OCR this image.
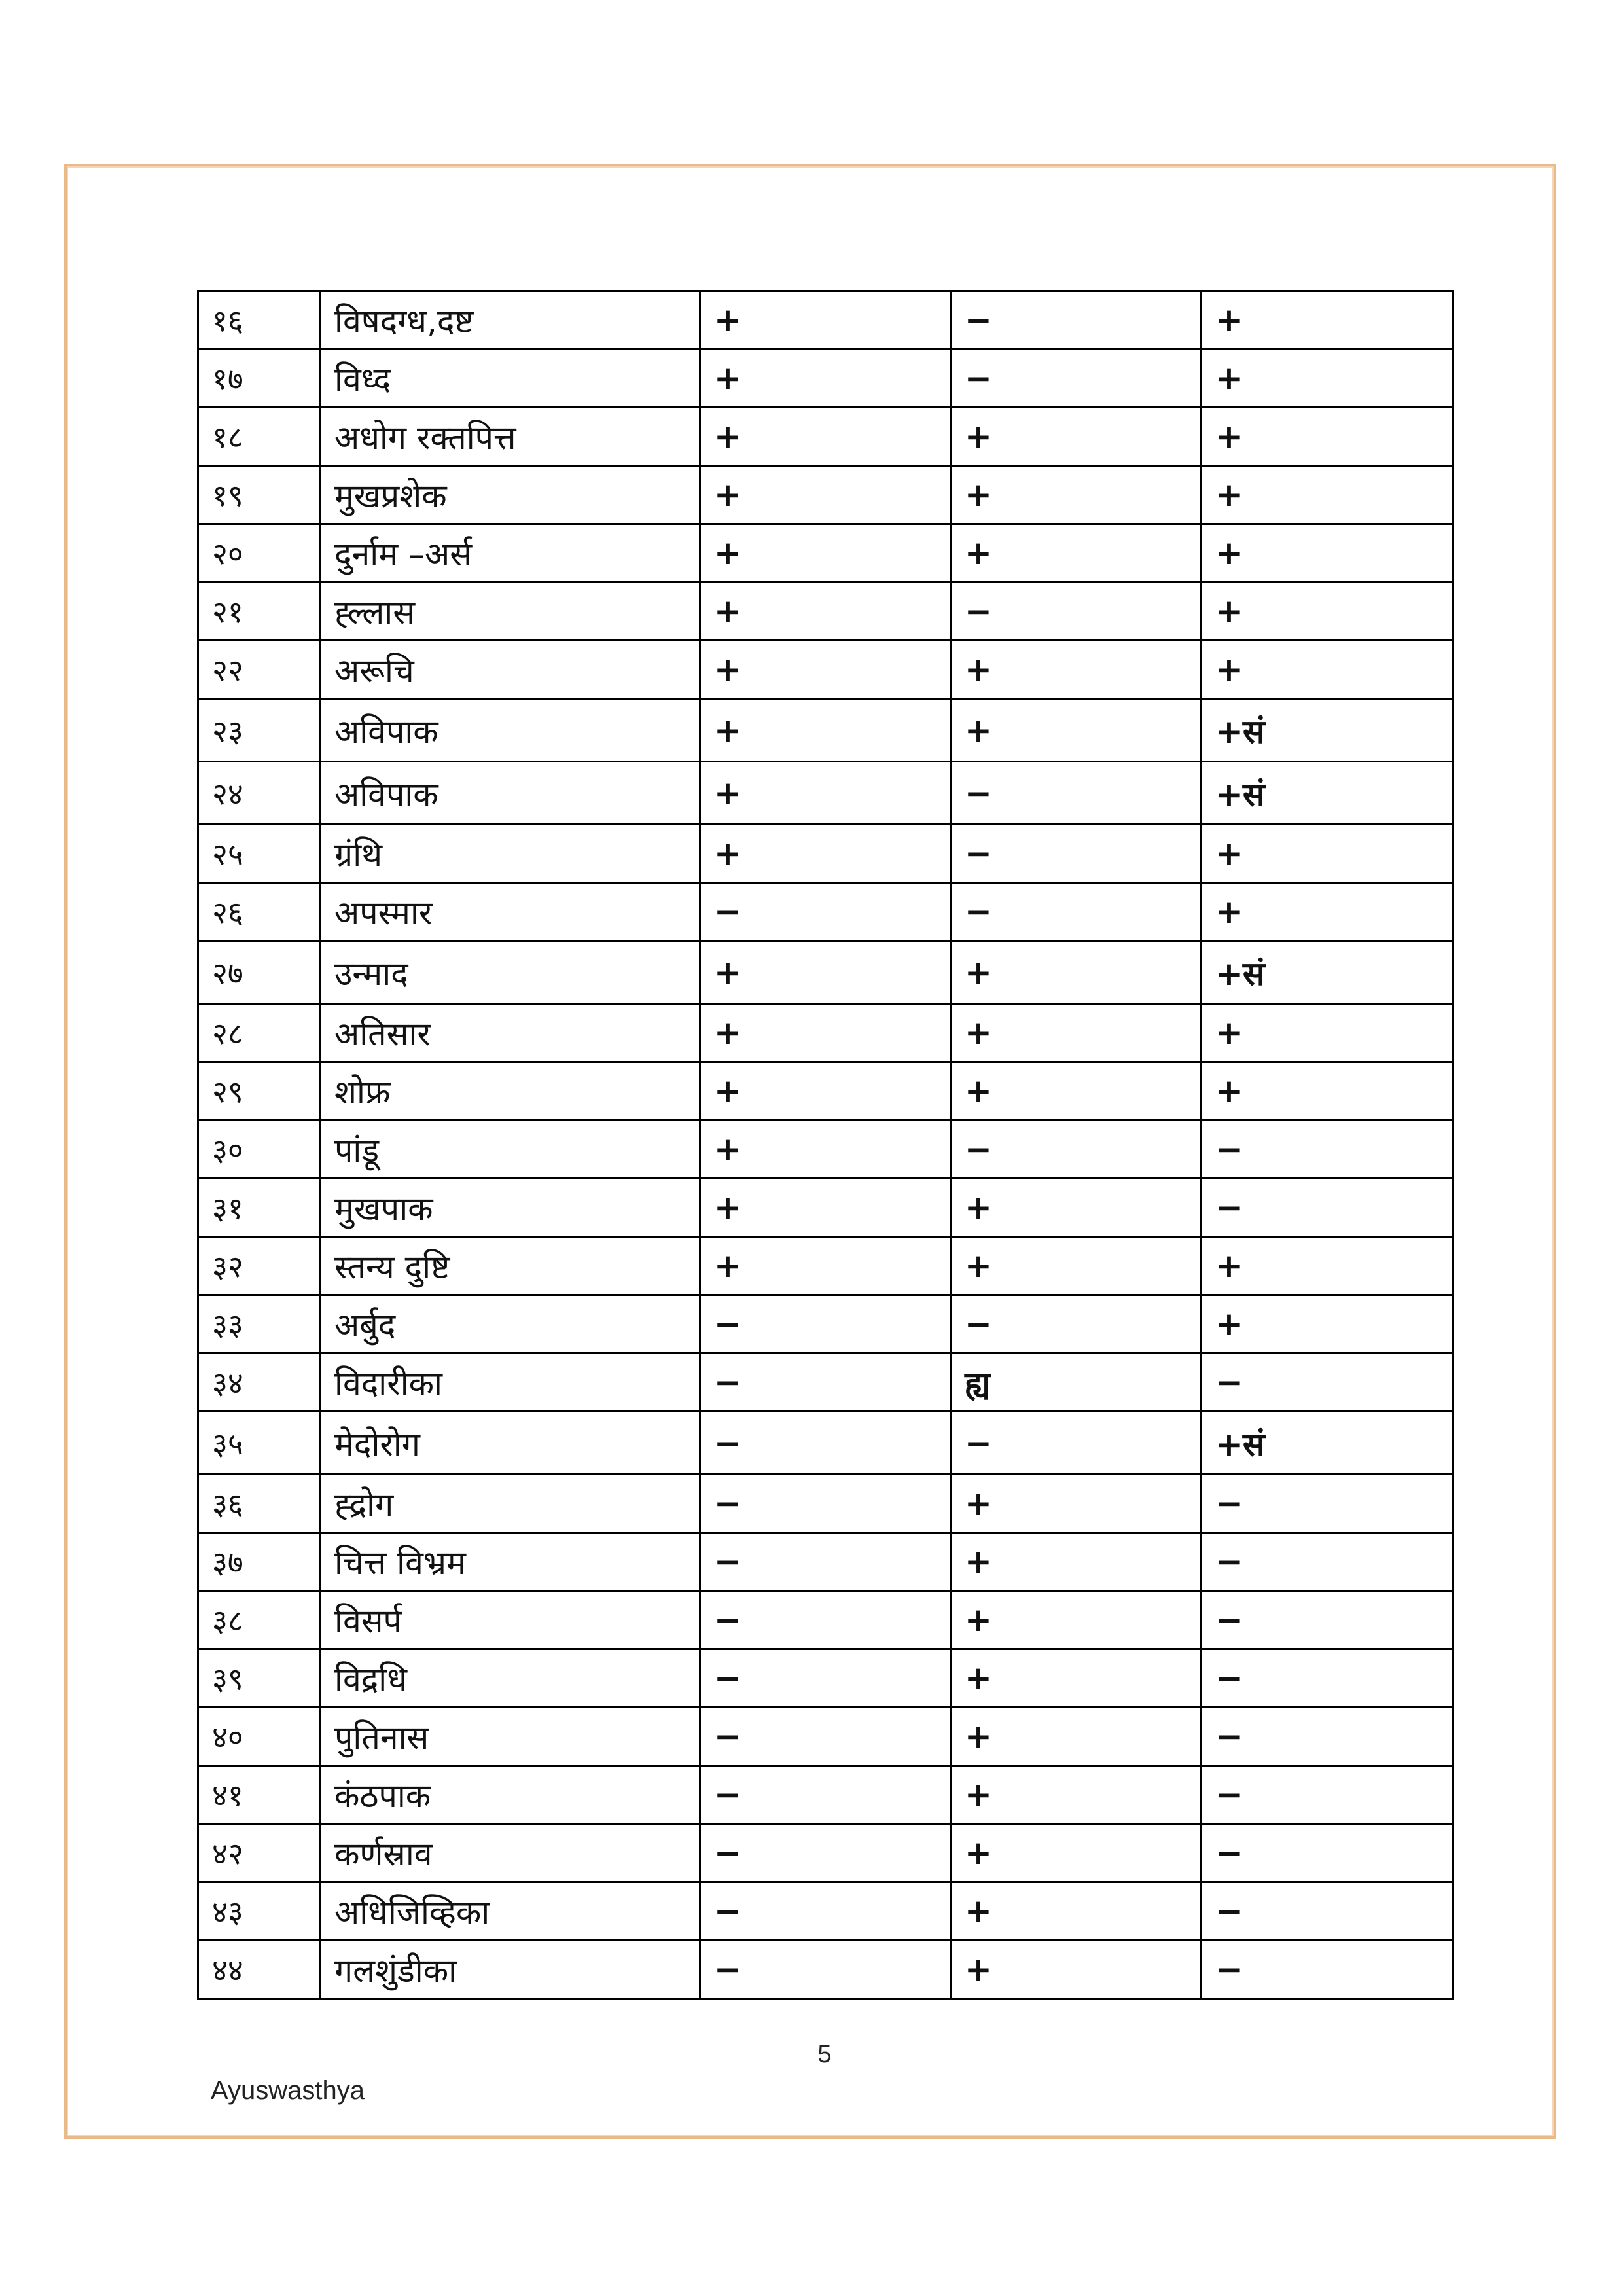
१६	विषदग्ध,दष्ट	+	−	+
१७	विध्द	+	−	+
१८	अधोग रक्तपित्त	+	+	+
१९	मुखप्रशेक	+	+	+
२०	दुर्नाम –अर्स	+	+	+
२१	ह्ल्लास	+	−	+
२२	अरूचि	+	+	+
२३	अविपाक	+	+	+सं
२४	अविपाक	+	−	+सं
२५	ग्रंथि	+	−	+
२६	अपस्मार	−	−	+
२७	उन्माद	+	+	+सं
२८	अतिसार	+	+	+
२९	शोफ्र	+	+	+
३०	पांडू	+	−	−
३१	मुखपाक	+	+	−
३२	स्तन्य दुष्टि	+	+	+
३३	अर्बुद	−	−	+
३४	विदारीका	−	ह्य	−
३५	मेदोरोग	−	−	+सं
३६	ह्द्रोग	−	+	−
३७	चित्त विभ्रम	−	+	−
३८	विसर्प	−	+	−
३९	विद्रधि	−	+	−
४०	पुतिनास	−	+	−
४१	कंठपाक	−	+	−
४२	कर्णस्राव	−	+	−
४३	अधिजिव्हिका	−	+	−
४४	गलशुंडीका	−	+	−
5
Ayuswasthya
